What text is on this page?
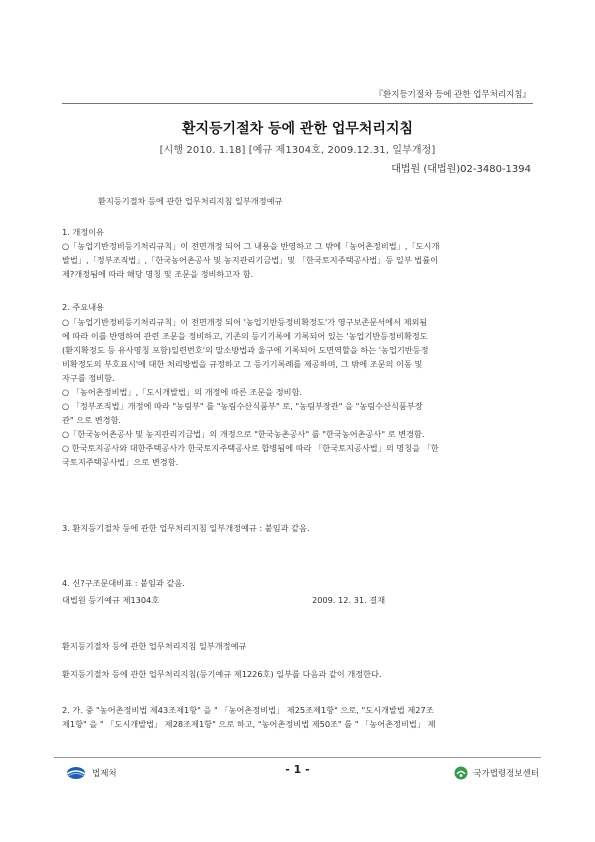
『환지등기절차 등에 관한 업무처리지침』
환지등기절차 등에 관한 업무처리지침
[시행 2010. 1.18] [예규 제1304호, 2009.12.31, 일부개정]
대법원 (대법원)02-3480-1394
환지등기절차 등에 관한 업무처리지침 일부개정예규
1. 개정이유
○「농업기반정비등기처리규칙」이 전면개정 되어 그 내용을 반영하고 그 밖에「농어촌정비법」,「도시개
발법」,「정부조직법」,「한국농어촌공사 및 농지관리기금법」및 「한국토지주택공사법」등 일부 법률이
제?개정됨에 따라 해당 명칭 및 조문을 정비하고자 함.
2. 주요내용
○「농업기반정비등기처리규칙」이 전면개정 되어 '농업기반등정비확정도'가 영구보존문서에서 제외됨
에 따라 이를 반영하여 관련 조문을 정비하고, 기존의 등기기록에 기록되어 있는 '농업기반등정비확정도
(환지확정도 등 유사명칭 포함)일련번호'의 말소방법과 울구에 기록되어 도면역할을 하는 '농업기반등정
비확정도의 부호표시'에 대한 처리방법을 규정하고 그 등기기록례를 제공하며, 그 밖에 조문의 이동 및
자구를 정비함.
○ 「농어촌정비법」,「도시개발법」의 개정에 따른 조문을 정비함.
○ 「정부조직법」개정에 따라 "농림부" 를 "농림수산식품부" 로, "농림부장관" 을 "농림수산식품부장
관" 으로 변경함.
○「한국농어촌공사 및 농지관리기금법」의 개정으로 "한국농촌공사" 를 "한국농어촌공사" 로 변경함.
○ 한국토지공사와 대한주택공사가 한국토지주택공사로 합병됨에 따라 「한국토지공사법」의 명칭을 「한
국토지주택공사법」으로 변경함.
3. 환지등기절차 등에 관한 업무처리지침 일부개정예규 : 붙임과 같음.
4. 신?구조문대비표 : 붙임과 같음.
대법원 등기예규 제1304호	2009. 12. 31. 결재
환지등기절차 등에 관한 업무처리지침 일부개정예규
환지등기절차 등에 관한 업무처리지침(등기예규 제1226호) 일부를 다음과 같이 개정한다.
2. 가. 중 "농어촌정비법 제43조제1항" 을 " 「농어촌정비법」 제25조제1항" 으로, "도시개발법 제27조
제1항" 을 " 「도시개발법」 제28조제1항" 으로 하고, "농어촌정비법 제50조" 를 " 「농어촌정비법」 제
법제처	- 1 -	국가법령정보센터
